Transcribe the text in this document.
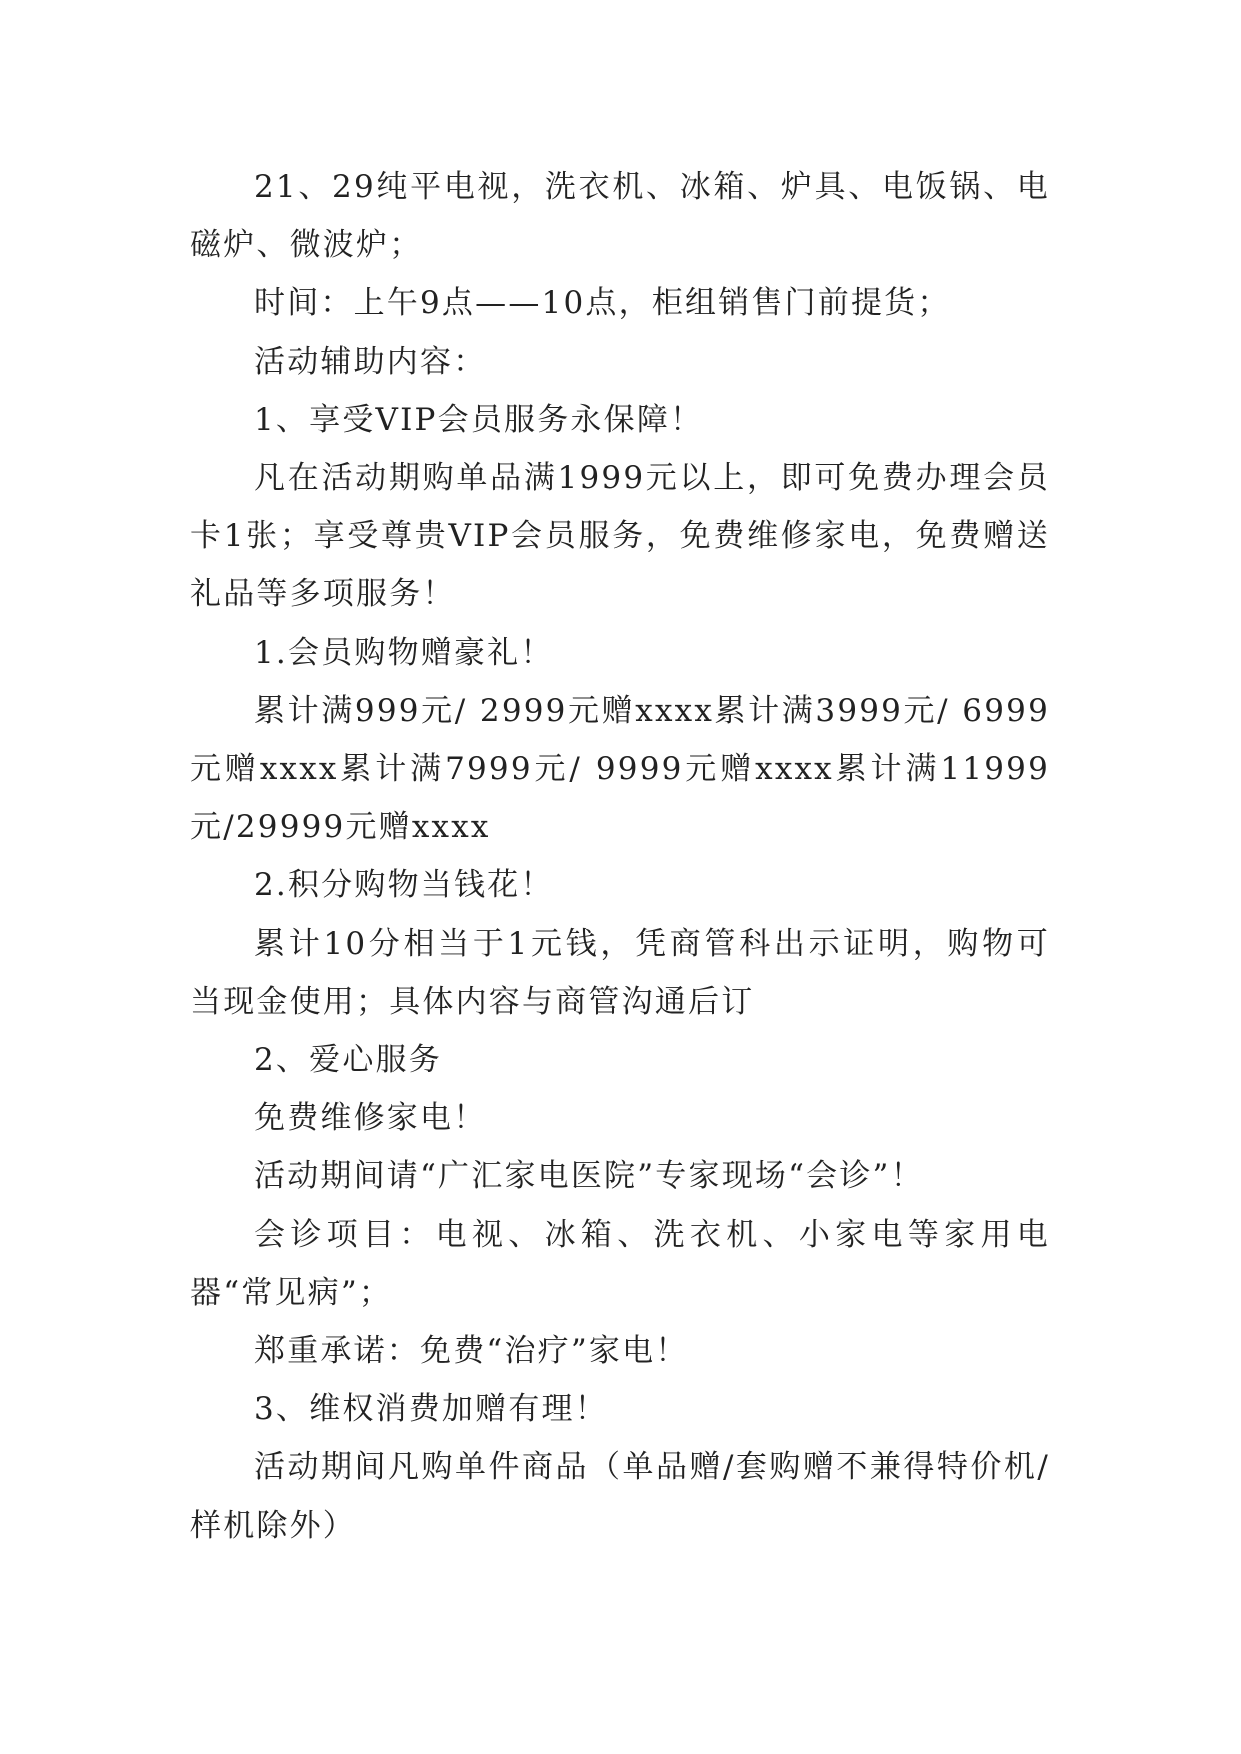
21、29纯平电视，洗衣机、冰箱、炉具、电饭锅、电磁炉、微波炉；

时间：上午9点——10点，柜组销售门前提货；

活动辅助内容：

1、享受VIP会员服务永保障！

凡在活动期购单品满1999元以上，即可免费办理会员卡1张；享受尊贵VIP会员服务，免费维修家电，免费赠送礼品等多项服务！

1.会员购物赠豪礼！

累计满999元/ 2999元赠xxxx累计满3999元/ 6999元赠xxxx累计满7999元/ 9999元赠xxxx累计满11999元/29999元赠xxxx

2.积分购物当钱花！

累计10分相当于1元钱，凭商管科出示证明，购物可当现金使用；具体内容与商管沟通后订

2、爱心服务

免费维修家电！

活动期间请“广汇家电医院”专家现场“会诊”！

会诊项目：电视、冰箱、洗衣机、小家电等家用电器“常见病”；

郑重承诺：免费“治疗”家电！

3、维权消费加赠有理！

活动期间凡购单件商品（单品赠/套购赠不兼得特价机/样机除外）
